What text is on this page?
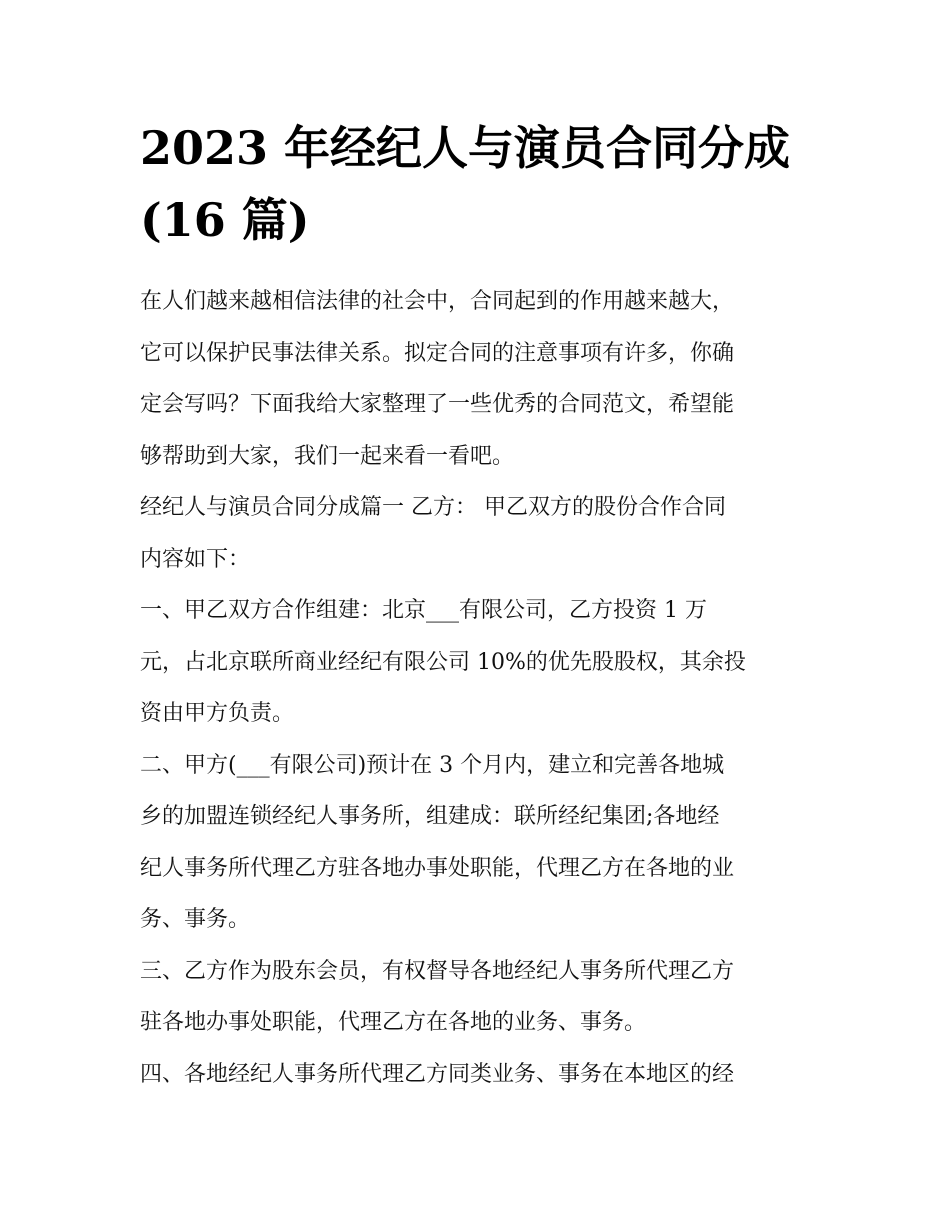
2023 年经纪人与演员合同分成
(16 篇)
在人们越来越相信法律的社会中，合同起到的作用越来越大，
它可以保护民事法律关系。拟定合同的注意事项有许多，你确
定会写吗？下面我给大家整理了一些优秀的合同范文，希望能
够帮助到大家，我们一起来看一看吧。
经纪人与演员合同分成篇一 乙方： 甲乙双方的股份合作合同
内容如下：
一、甲乙双方合作组建：北京___有限公司，乙方投资 1 万
元，占北京联所商业经纪有限公司 10%的优先股股权，其余投
资由甲方负责。
二、甲方(___有限公司)预计在 3 个月内，建立和完善各地城
乡的加盟连锁经纪人事务所，组建成：联所经纪集团;各地经
纪人事务所代理乙方驻各地办事处职能，代理乙方在各地的业
务、事务。
三、乙方作为股东会员，有权督导各地经纪人事务所代理乙方
驻各地办事处职能，代理乙方在各地的业务、事务。
四、各地经纪人事务所代理乙方同类业务、事务在本地区的经
